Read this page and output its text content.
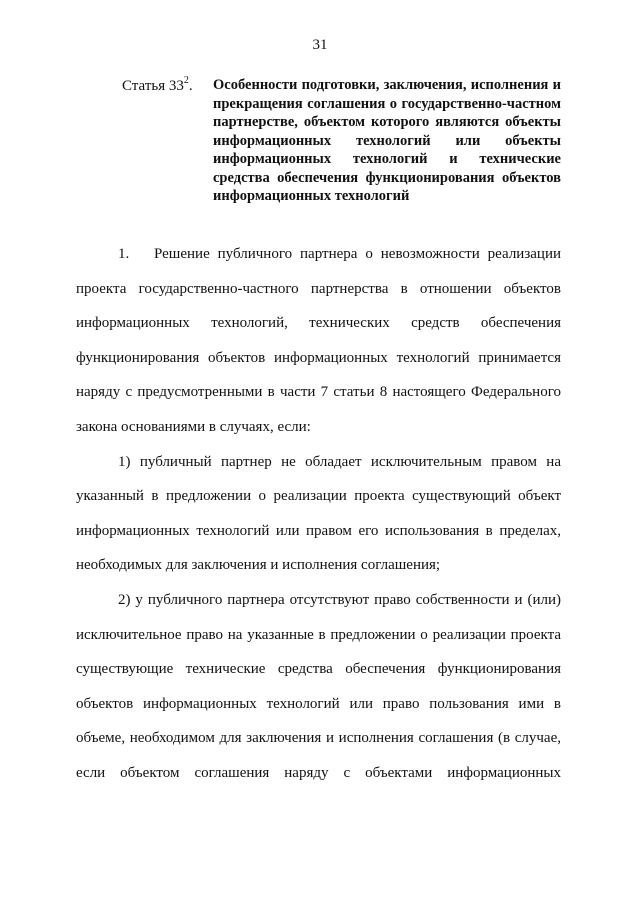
31
Статья $33^2$. Особенности подготовки, заключения, исполнения и прекращения соглашения о государственно-частном партнерстве, объектом которого являются объекты информационных технологий или объекты информационных технологий и технические средства обеспечения функционирования объектов информационных технологий

1. Решение публичного партнера о невозможности реализации проекта государственно-частного партнерства в отношении объектов информационных технологий, технических средств обеспечения функционирования объектов информационных технологий принимается наряду с предусмотренными в части 7 статьи 8 настоящего Федерального закона основаниями в случаях, если:

1) публичный партнер не обладает исключительным правом на указанный в предложении о реализации проекта существующий объект информационных технологий или правом его использования в пределах, необходимых для заключения и исполнения соглашения;

2) у публичного партнера отсутствуют право собственности и (или) исключительное право на указанные в предложении о реализации проекта существующие технические средства обеспечения функционирования объектов информационных технологий или право пользования ими в объеме, необходимом для заключения и исполнения соглашения (в случае, если объектом соглашения наряду с объектами информационных
